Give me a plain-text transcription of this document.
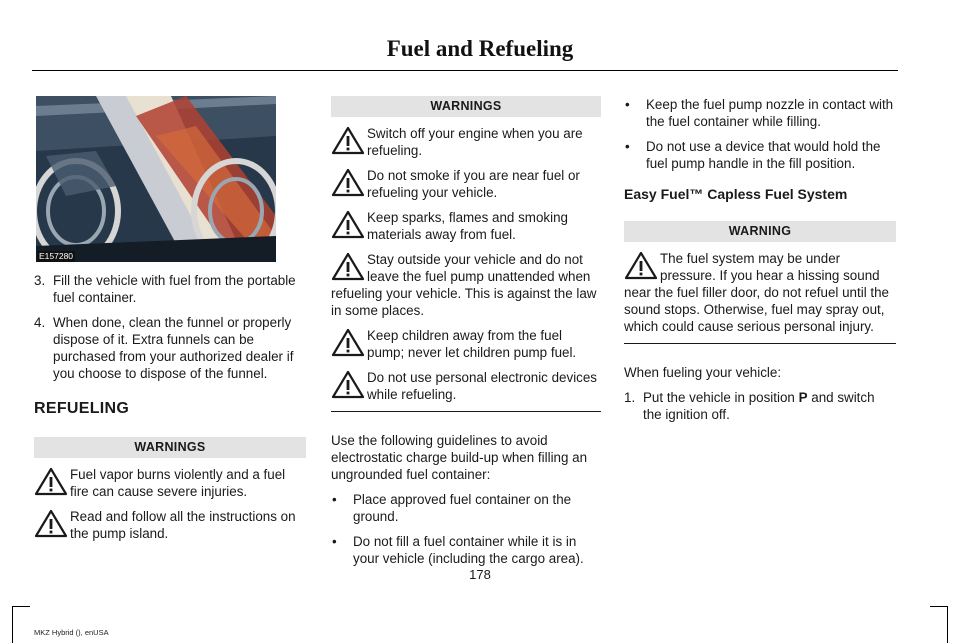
Fuel and Refueling
E157280
3. Fill the vehicle with fuel from the portable fuel container.
4. When done, clean the funnel or properly dispose of it. Extra funnels can be purchased from your authorized dealer if you choose to dispose of the funnel.
REFUELING
WARNINGS
Fuel vapor burns violently and a fuel fire can cause severe injuries.
Read and follow all the instructions on the pump island.
WARNINGS
Switch off your engine when you are refueling.
Do not smoke if you are near fuel or refueling your vehicle.
Keep sparks, flames and smoking materials away from fuel.
Stay outside your vehicle and do not leave the fuel pump unattended when refueling your vehicle. This is against the law in some places.
Keep children away from the fuel pump; never let children pump fuel.
Do not use personal electronic devices while refueling.

Use the following guidelines to avoid electrostatic charge build-up when filling an ungrounded fuel container:

• Place approved fuel container on the ground.
• Do not fill a fuel container while it is in your vehicle (including the cargo area).
• Keep the fuel pump nozzle in contact with the fuel container while filling.
• Do not use a device that would hold the fuel pump handle in the fill position.
Easy Fuel™ Capless Fuel System
WARNING
The fuel system may be under pressure. If you hear a hissing sound near the fuel filler door, do not refuel until the sound stops. Otherwise, fuel may spray out, which could cause serious personal injury.

When fueling your vehicle:

1. Put the vehicle in position P and switch the ignition off.
178
MKZ Hybrid (), enUSA
